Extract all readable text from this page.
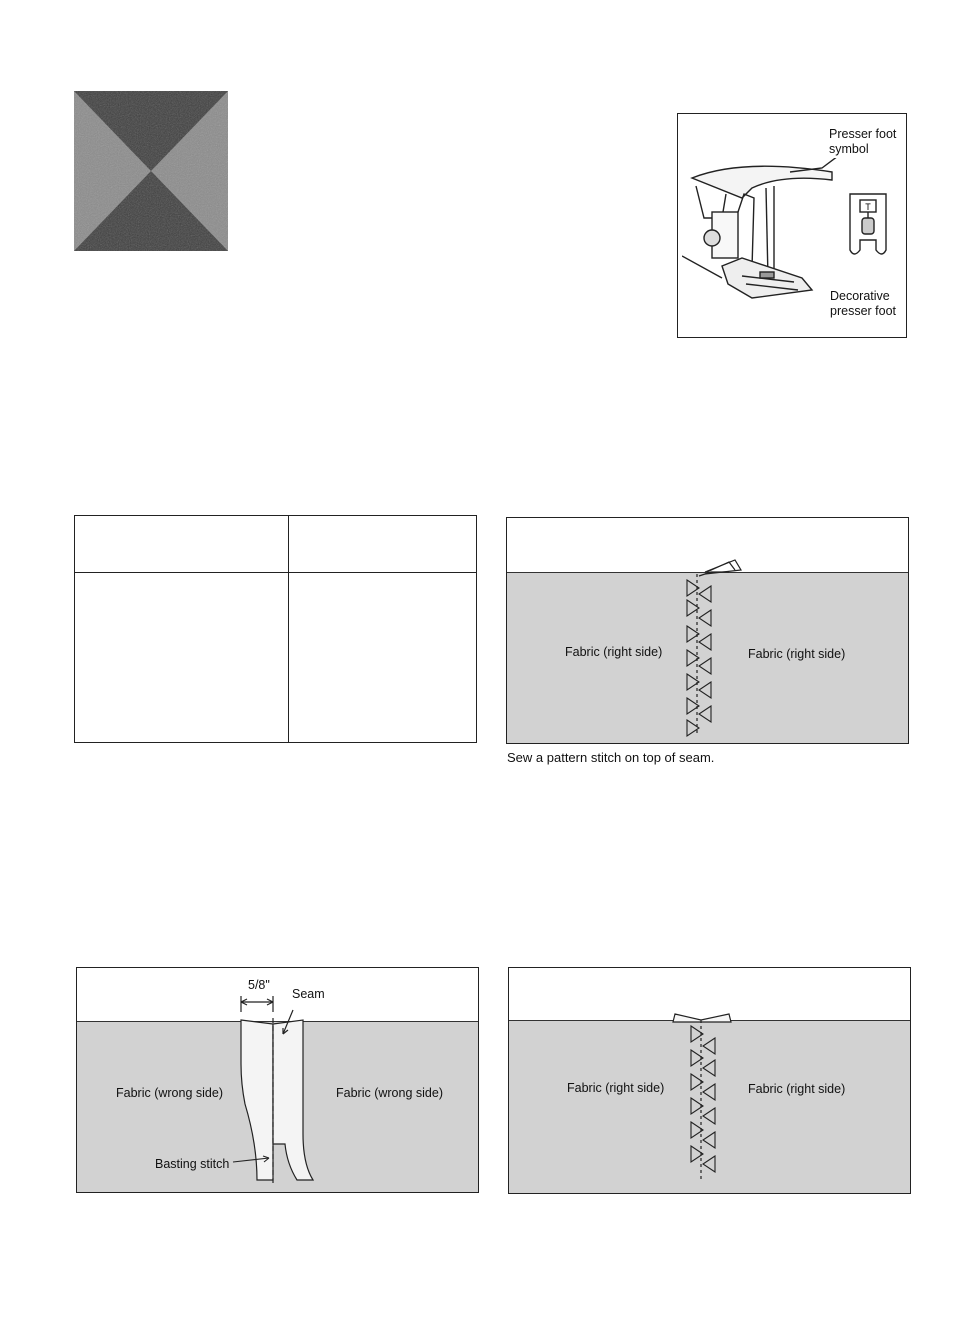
Presser foot symbol
T
Decorative presser foot

Fabric (right side)	Fabric (right side)
Sew a pattern stitch on top of seam.
5/8"
Seam
Fabric (wrong side)	Fabric (wrong side)
Basting stitch
Fabric (right side)	Fabric (right side)
